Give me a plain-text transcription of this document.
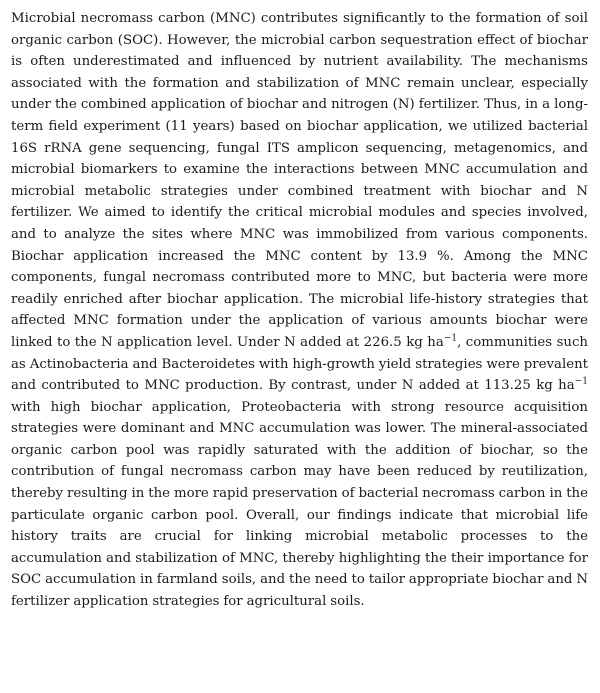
Microbial necromass carbon (MNC) contributes significantly to the formation of soil organic carbon (SOC). However, the microbial carbon sequestration effect of biochar is often underestimated and influenced by nutrient availability. The mechanisms associated with the formation and stabilization of MNC remain unclear, especially under the combined application of biochar and nitrogen (N) fertilizer. Thus, in a long-term field experiment (11 years) based on biochar application, we utilized bacterial 16S rRNA gene sequencing, fungal ITS amplicon sequencing, metagenomics, and microbial biomarkers to examine the interactions between MNC accumulation and microbial metabolic strategies under combined treatment with biochar and N fertilizer. We aimed to identify the critical microbial modules and species involved, and to analyze the sites where MNC was immobilized from various components. Biochar application increased the MNC content by 13.9 %. Among the MNC components, fungal necromass contributed more to MNC, but bacteria were more readily enriched after biochar application. The microbial life-history strategies that affected MNC formation under the application of various amounts biochar were linked to the N application level. Under N added at 226.5 kg $ha^{-1}$, communities such as Actinobacteria and Bacteroidetes with high-growth yield strategies were prevalent and contributed to MNC production. By contrast, under N added at 113.25 kg $ha^{-1}$ with high biochar application, Proteobacteria with strong resource acquisition strategies were dominant and MNC accumulation was lower. The mineral-associated organic carbon pool was rapidly saturated with the addition of biochar, so the contribution of fungal necromass carbon may have been reduced by reutilization, thereby resulting in the more rapid preservation of bacterial necromass carbon in the particulate organic carbon pool. Overall, our findings indicate that microbial life history traits are crucial for linking microbial metabolic processes to the accumulation and stabilization of MNC, thereby highlighting the their importance for SOC accumulation in farmland soils, and the need to tailor appropriate biochar and N fertilizer application strategies for agricultural soils.
